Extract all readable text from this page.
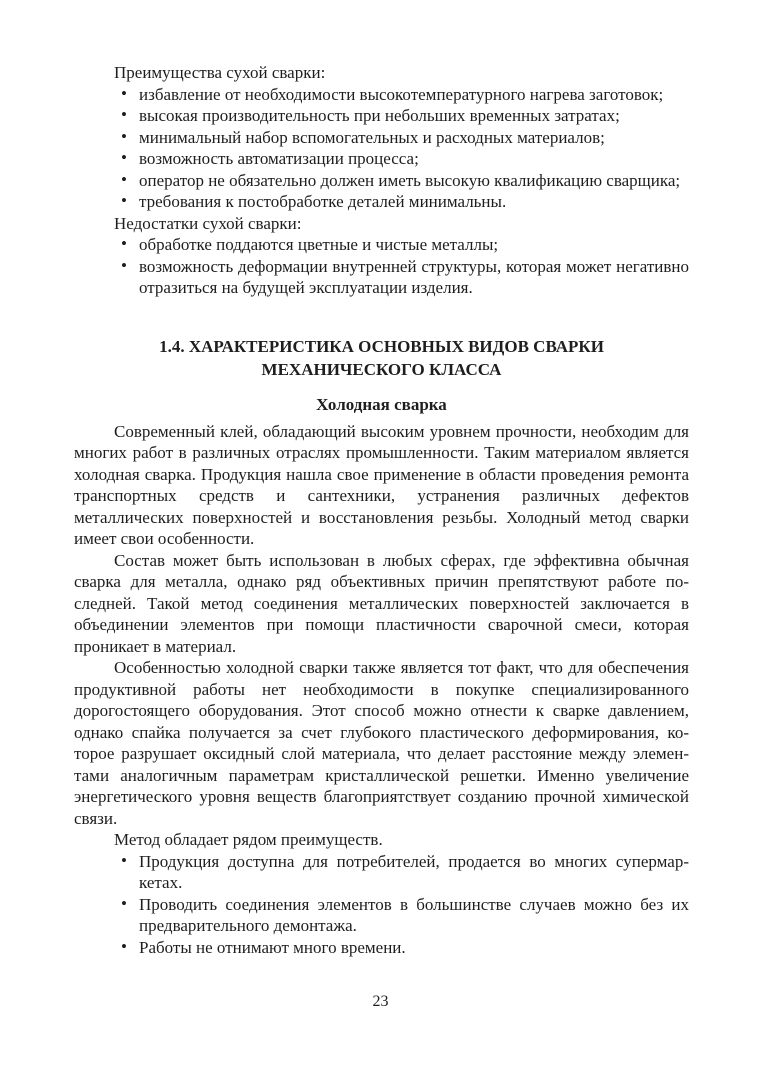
Преимущества сухой сварки:

• избавление от необходимости высокотемпературного нагрева заготовок;
• высокая производительность при небольших временных затратах;
• минимальный набор вспомогательных и расходных материалов;
• возможность автоматизации процесса;
• оператор не обязательно должен иметь высокую квалификацию сварщика;
• требования к постобработке деталей минимальны.

Недостатки сухой сварки:

• обработке поддаются цветные и чистые металлы;
• возможность деформации внутренней структуры, которая может негативно отразиться на будущей эксплуатации изделия.
1.4. ХАРАКТЕРИСТИКА ОСНОВНЫХ ВИДОВ СВАРКИ МЕХАНИЧЕСКОГО КЛАССА
Холодная сварка

Современный клей, обладающий высоким уровнем прочности, необходим для многих работ в различных отраслях промышленности. Таким материалом является холодная сварка. Продукция нашла свое применение в области проведения ремонта транспортных средств и сантехники, устранения различных дефектов металлических поверхностей и восстановления резьбы. Холодный метод сварки имеет свои особенности.

Состав может быть использован в любых сферах, где эффективна обычная сварка для металла, однако ряд объективных причин препятствуют работе последней. Такой метод соединения металлических поверхностей заключается в объединении элементов при помощи пластичности сварочной смеси, которая проникает в материал.

Особенностью холодной сварки также является тот факт, что для обеспечения продуктивной работы нет необходимости в покупке специализированного дорогостоящего оборудования. Этот способ можно отнести к сварке давлением, однако спайка получается за счет глубокого пластического деформирования, которое разрушает оксидный слой материала, что делает расстояние между элементами аналогичным параметрам кристаллической решетки. Именно увеличение энергетического уровня веществ благоприятствует созданию прочной химической связи.

Метод обладает рядом преимуществ.

• Продукция доступна для потребителей, продается во многих супермаркетах.
• Проводить соединения элементов в большинстве случаев можно без их предварительного демонтажа.
• Работы не отнимают много времени.
23
